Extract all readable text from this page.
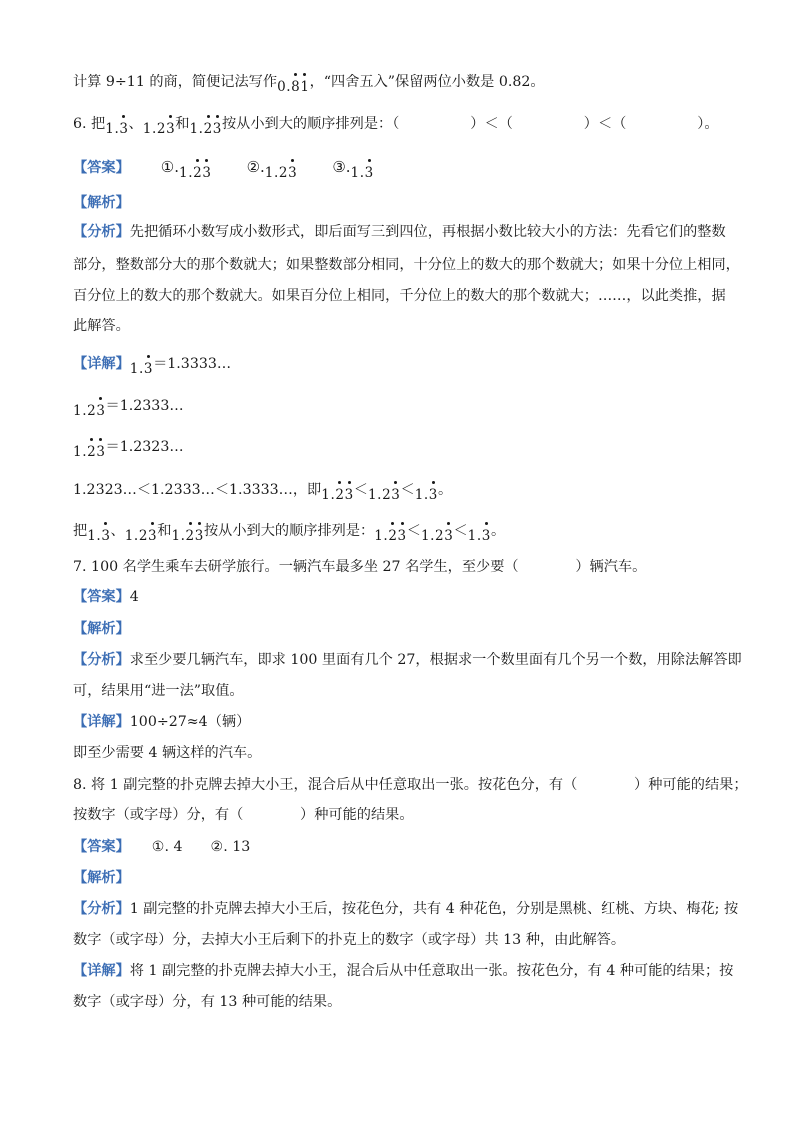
计算 9÷11 的商，简便记法写作0.81，“四舍五入”保留两位小数是 0.82。
6. 把1.3、1.23和1.23按从小到大的顺序排列是：（　　　　　）＜（　　　　　）＜（　　　　　）。
【答案】 ①.1.23 ②.1.23 ③.1.3
【解析】
【分析】先把循环小数写成小数形式，即后面写三到四位，再根据小数比较大小的方法：先看它们的整数
部分，整数部分大的那个数就大；如果整数部分相同，十分位上的数大的那个数就大；如果十分位上相同，
百分位上的数大的那个数就大。如果百分位上相同，千分位上的数大的那个数就大；……，以此类推，据
此解答。
【详解】1.3＝1.3333…
1.23＝1.2333…
1.23＝1.2323…
1.2323…＜1.2333…＜1.3333…，即1.23＜1.23＜1.3。
把1.3、1.23和1.23按从小到大的顺序排列是：1.23＜1.23＜1.3。
7. 100 名学生乘车去研学旅行。一辆汽车最多坐 27 名学生，至少要（　　　　）辆汽车。
【答案】4
【解析】
【分析】求至少要几辆汽车，即求 100 里面有几个 27，根据求一个数里面有几个另一个数，用除法解答即
可，结果用“进一法”取值。
【详解】100÷27≈4（辆）
即至少需要 4 辆这样的汽车。
8. 将 1 副完整的扑克牌去掉大小王，混合后从中任意取出一张。按花色分，有（　　　　）种可能的结果；
按数字（或字母）分，有（　　　　）种可能的结果。
【答案】 ①. 4 ②. 13
【解析】
【分析】1 副完整的扑克牌去掉大小王后，按花色分，共有 4 种花色，分别是黑桃、红桃、方块、梅花; 按
数字（或字母）分，去掉大小王后剩下的扑克上的数字（或字母）共 13 种，由此解答。
【详解】将 1 副完整的扑克牌去掉大小王，混合后从中任意取出一张。按花色分，有 4 种可能的结果；按
数字（或字母）分，有 13 种可能的结果。
